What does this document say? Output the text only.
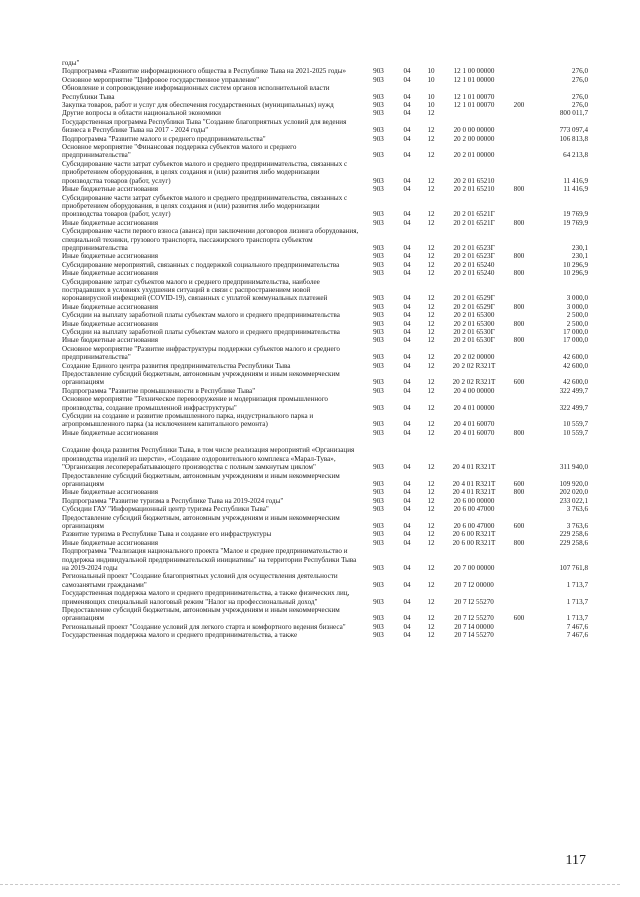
годы"
Подпрограмма «Развитие информационного общества в Республике Тыва на 2021-2025 годы»	903	04	10	12 1 00 00000	276,0
Основное мероприятие "Цифровое государственное управление"	903	04	10	12 1 01 00000	276,0
Обновление и сопровождение информационных систем органов исполнительной власти Республики Тыва	903	04	10	12 1 01 00070	276,0
Закупка товаров, работ и услуг для обеспечения государственных (муниципальных) нужд	903	04	10	12 1 01 00070	200	276,0
Другие вопросы в области национальной экономики	903	04	12	800 011,7
Государственная программа Республики Тыва "Создание благоприятных условий для ведения бизнеса в Республике Тыва на 2017 - 2024 годы"	903	04	12	20 0 00 00000	773 097,4
Подпрограмма "Развитие малого и среднего предпринимательства"	903	04	12	20 2 00 00000	106 813,8
Основное мероприятие "Финансовая поддержка субъектов малого и среднего предпринимательства"	903	04	12	20 2 01 00000	64 213,8
Субсидирование части затрат субъектов малого и среднего предпринимательства, связанных с приобретением оборудования, в целях создания и (или) развития либо модернизации производства товаров (работ, услуг)	903	04	12	20 2 01 65210	11 416,9
Иные бюджетные ассигнования	903	04	12	20 2 01 65210	800	11 416,9
Субсидирование части затрат субъектов малого и среднего предпринимательства, связанных с приобретением оборудования, в целях создания и (или) развития либо модернизации производства товаров (работ, услуг)	903	04	12	20 2 01 6521Г	19 769,9
Иные бюджетные ассигнования	903	04	12	20 2 01 6521Г	800	19 769,9
Субсидирование части первого взноса (аванса) при заключении договоров лизинга оборудования, специальной техники, грузового транспорта, пассажирского транспорта субъектом предпринимательства	903	04	12	20 2 01 6523Г	230,1
Иные бюджетные ассигнования	903	04	12	20 2 01 6523Г	800	230,1
Субсидирование мероприятий, связанных с поддержкой социального предпринимательства	903	04	12	20 2 01 65240	10 296,9
Иные бюджетные ассигнования	903	04	12	20 2 01 65240	800	10 296,9
Субсидирование затрат субъектов малого и среднего предпринимательства, наиболее пострадавших в условиях ухудшения ситуаций в связи с распространением новой коронавирусной инфекцией (COVID-19), связанных с уплатой коммунальных платежей	903	04	12	20 2 01 6529Г	3 000,0
Иные бюджетные ассигнования	903	04	12	20 2 01 6529Г	800	3 000,0
Субсидии на выплату заработной платы субъектам малого и среднего предпринимательства	903	04	12	20 2 01 65300	2 500,0
Иные бюджетные ассигнования	903	04	12	20 2 01 65300	800	2 500,0
Субсидии на выплату заработной платы субъектам малого и среднего предпринимательства	903	04	12	20 2 01 6530Г	17 000,0
Иные бюджетные ассигнования	903	04	12	20 2 01 6530Г	800	17 000,0
Основное мероприятие "Развитие инфраструктуры поддержки субъектов малого и среднего предпринимательства"	903	04	12	20 2 02 00000	42 600,0
Создание Единого центра развития предпринимательства Республики Тыва	903	04	12	20 2 02 R321Т	42 600,0
Предоставление субсидий бюджетным, автономным учреждениям и иным некоммерческим организациям	903	04	12	20 2 02 R321Т	600	42 600,0
Подпрограмма "Развитие промышленности в Республике Тыва"	903	04	12	20 4 00 00000	322 499,7
Основное мероприятие "Техническое перевооружение и модернизация промышленного производства, создание промышленной инфраструктуры"	903	04	12	20 4 01 00000	322 499,7
Субсидии на создание и развитие промышленного парка, индустриального парка и агропромышленного парка (за исключением капитального ремонта)	903	04	12	20 4 01 60070	10 559,7
Иные бюджетные ассигнования	903	04	12	20 4 01 60070	800	10 559,7
Создание фонда развития Республики Тыва, в том числе реализация мероприятий «Организация производства изделий из шерсти», «Создание оздоровительного комплекса «Марал-Тува», "Организация лесоперерабатывающего производства с полным замкнутым циклом"	903	04	12	20 4 01 R321Т	311 940,0
Предоставление субсидий бюджетным, автономным учреждениям и иным некоммерческим организациям	903	04	12	20 4 01 R321Т	600	109 920,0
Иные бюджетные ассигнования	903	04	12	20 4 01 R321Т	800	202 020,0
Подпрограмма "Развитие туризма в Республике Тыва на 2019-2024 годы"	903	04	12	20 6 00 00000	233 022,1
Субсидии ГАУ "Информационный центр туризма Республики Тыва"	903	04	12	20 6 00 47000	3 763,6
Предоставление субсидий бюджетным, автономным учреждениям и иным некоммерческим организациям	903	04	12	20 6 00 47000	600	3 763,6
Развитие туризма в Республике Тыва и создание его инфраструктуры	903	04	12	20 6 00 R321Т	229 258,6
Иные бюджетные ассигнования	903	04	12	20 6 00 R321Т	800	229 258,6
Подпрограмма "Реализация национального проекта "Малое и среднее предпринимательство и поддержка индивидуальной предпринимательской инициативы" на территории Республики Тыва на 2019-2024 годы	903	04	12	20 7 00 00000	107 761,8
Региональный проект "Создание благоприятных условий для осуществления деятельности самозанятыми гражданами"	903	04	12	20 7 I2 00000	1 713,7
Государственная поддержка малого и среднего предпринимательства, а также физических лиц, применяющих специальный налоговый режим "Налог на профессиональный доход"	903	04	12	20 7 I2 55270	1 713,7
Предоставление субсидий бюджетным, автономным учреждениям и иным некоммерческим организациям	903	04	12	20 7 I2 55270	600	1 713,7
Региональный проект "Создание условий для легкого старта и комфортного ведения бизнеса"	903	04	12	20 7 I4 00000	7 467,6
Государственная поддержка малого и среднего предпринимательства, а также	903	04	12	20 7 I4 55270	7 467,6
117
